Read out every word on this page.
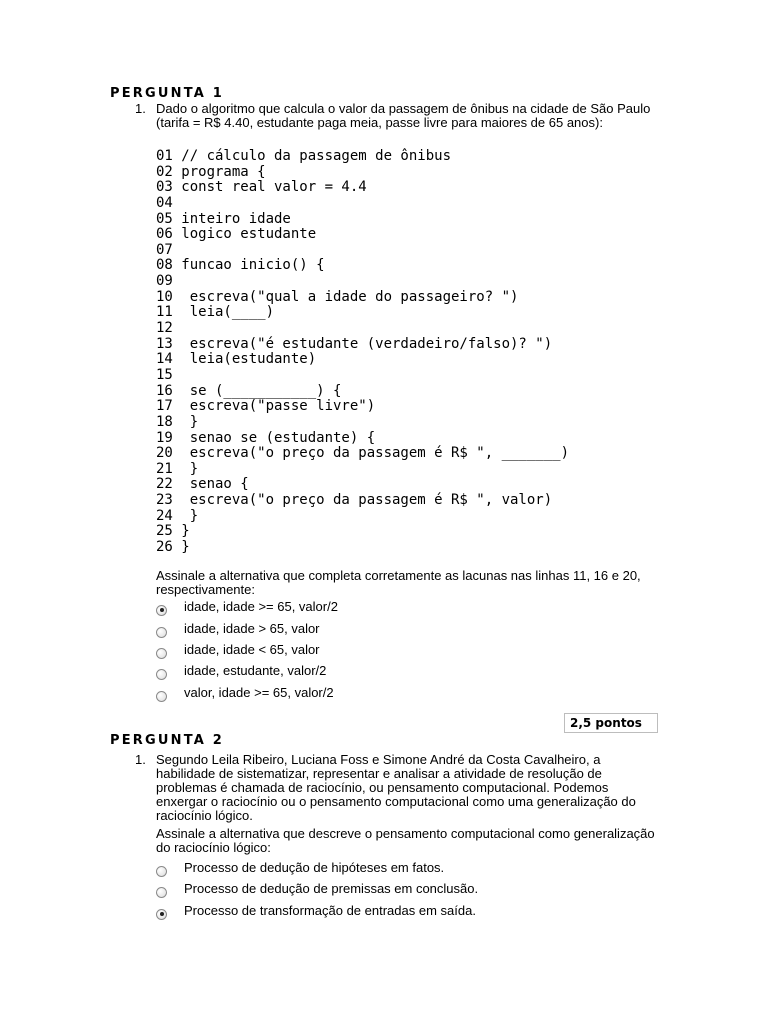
PERGUNTA 1
1. Dado o algoritmo que calcula o valor da passagem de ônibus na cidade de São Paulo (tarifa = R$ 4.40, estudante paga meia, passe livre para maiores de 65 anos):
01 // cálculo da passagem de ônibus
02 programa {
03 const real valor = 4.4
04
05 inteiro idade
06 logico estudante
07
08 funcao inicio() {
09
10  escreva("qual a idade do passageiro? ")
11  leia(____)
12
13  escreva("é estudante (verdadeiro/falso)? ")
14  leia(estudante)
15
16  se (___________) {
17  escreva("passe livre")
18  }
19  senao se (estudante) {
20  escreva("o preço da passagem é R$ ", _______)
21  }
22  senao {
23  escreva("o preço da passagem é R$ ", valor)
24  }
25 }
26 }
Assinale a alternativa que completa corretamente as lacunas nas linhas 11, 16 e 20, respectivamente:
idade, idade >= 65, valor/2
idade, idade > 65, valor
idade, idade < 65, valor
idade, estudante, valor/2
valor, idade >= 65, valor/2
2,5 pontos
PERGUNTA 2
1. Segundo Leila Ribeiro, Luciana Foss e Simone André da Costa Cavalheiro, a habilidade de sistematizar, representar e analisar a atividade de resolução de problemas é chamada de raciocínio, ou pensamento computacional. Podemos enxergar o raciocínio ou o pensamento computacional como uma generalização do raciocínio lógico.
Assinale a alternativa que descreve o pensamento computacional como generalização do raciocínio lógico:
Processo de dedução de hipóteses em fatos.
Processo de dedução de premissas em conclusão.
Processo de transformação de entradas em saída.
